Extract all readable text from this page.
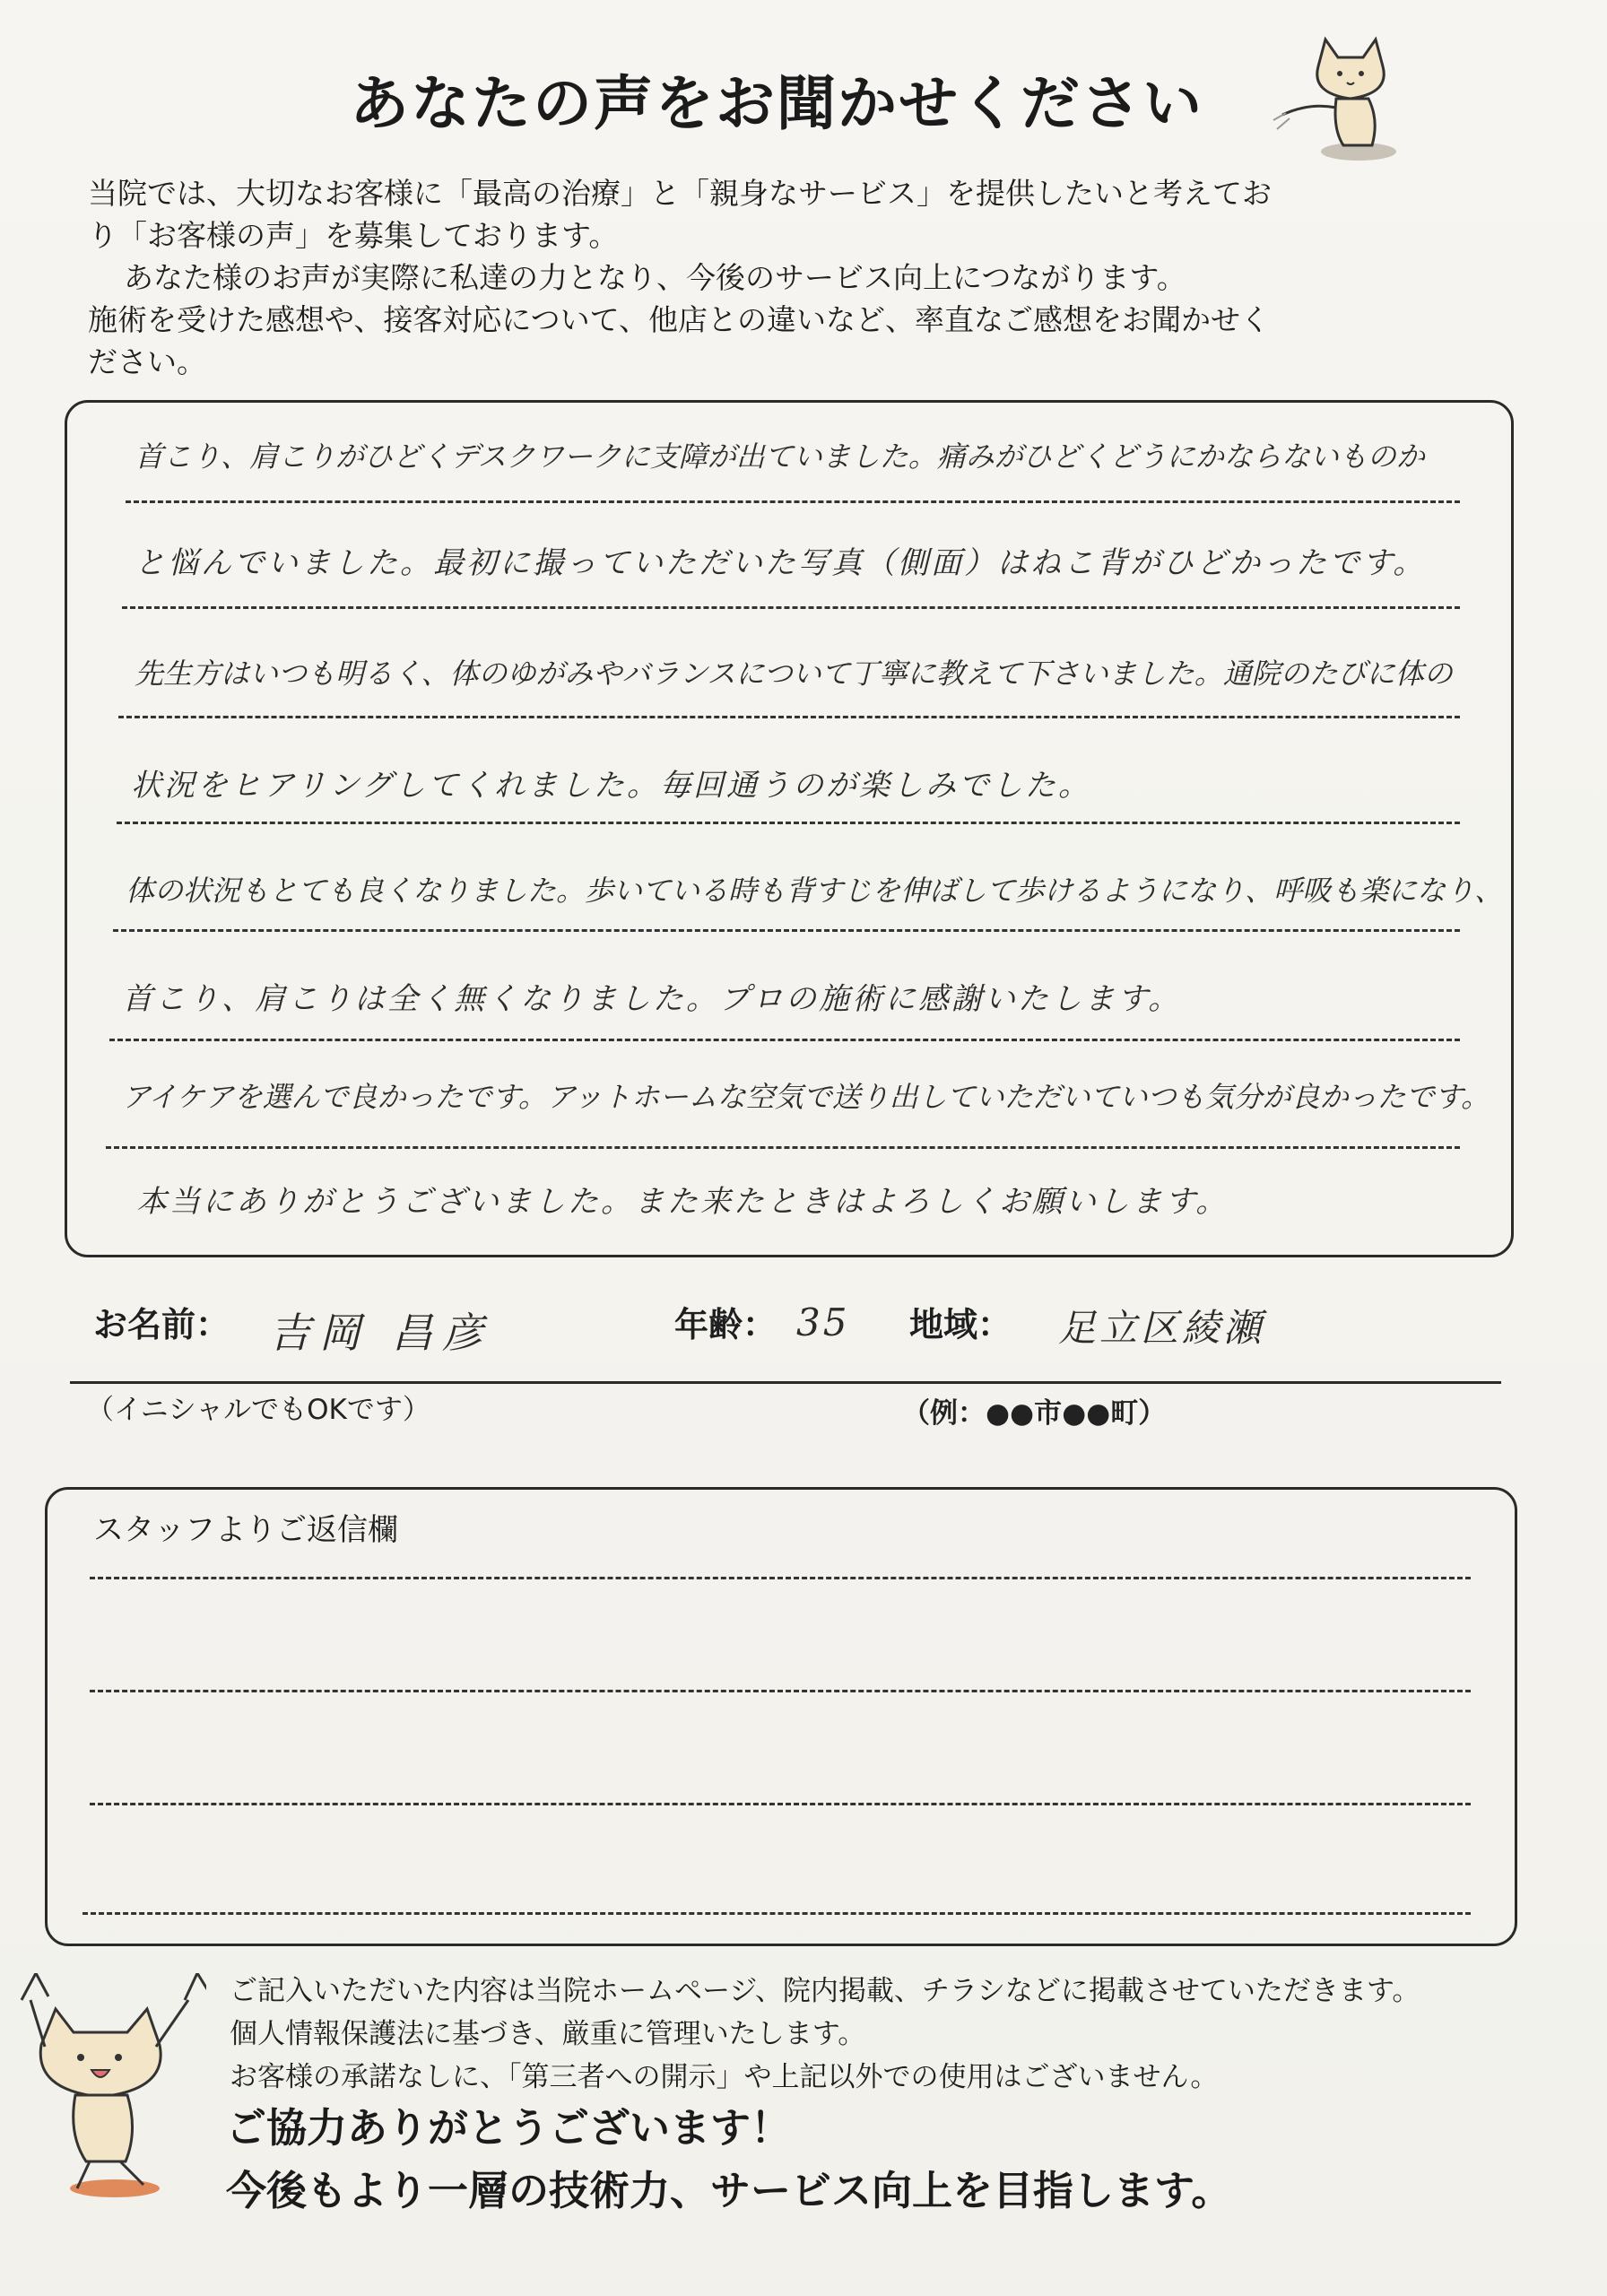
あなたの声をお聞かせください

当院では、大切なお客様に「最高の治療」と「親身なサービス」を提供したいと考えてお

り「お客様の声」を募集しております。

あなた様のお声が実際に私達の力となり、今後のサービス向上につながります。

施術を受けた感想や、接客対応について、他店との違いなど、率直なご感想をお聞かせく

ださい。

首こり、肩こりがひどくデスクワークに支障が出ていました。痛みがひどくどうにかならないものか
と悩んでいました。最初に撮っていただいた写真（側面）はねこ背がひどかったです。
先生方はいつも明るく、体のゆがみやバランスについて丁寧に教えて下さいました。通院のたびに体の
状況をヒアリングしてくれました。毎回通うのが楽しみでした。
体の状況もとても良くなりました。歩いている時も背すじを伸ばして歩けるようになり、呼吸も楽になり、
首こり、肩こりは全く無くなりました。プロの施術に感謝いたします。
アイケアを選んで良かったです。アットホームな空気で送り出していただいていつも気分が良かったです。
本当にありがとうございました。また来たときはよろしくお願いします。
お名前： 吉岡 昌彦	年齢： 35 地域： 足立区綾瀬
（イニシャルでもOKです）	（例：●●市●●町）
スタッフよりご返信欄

ご記入いただいた内容は当院ホームページ、院内掲載、チラシなどに掲載させていただきます。

個人情報保護法に基づき、厳重に管理いたします。

お客様の承諾なしに、「第三者への開示」や上記以外での使用はございません。

ご協力ありがとうございます！

今後もより一層の技術力、サービス向上を目指します。
